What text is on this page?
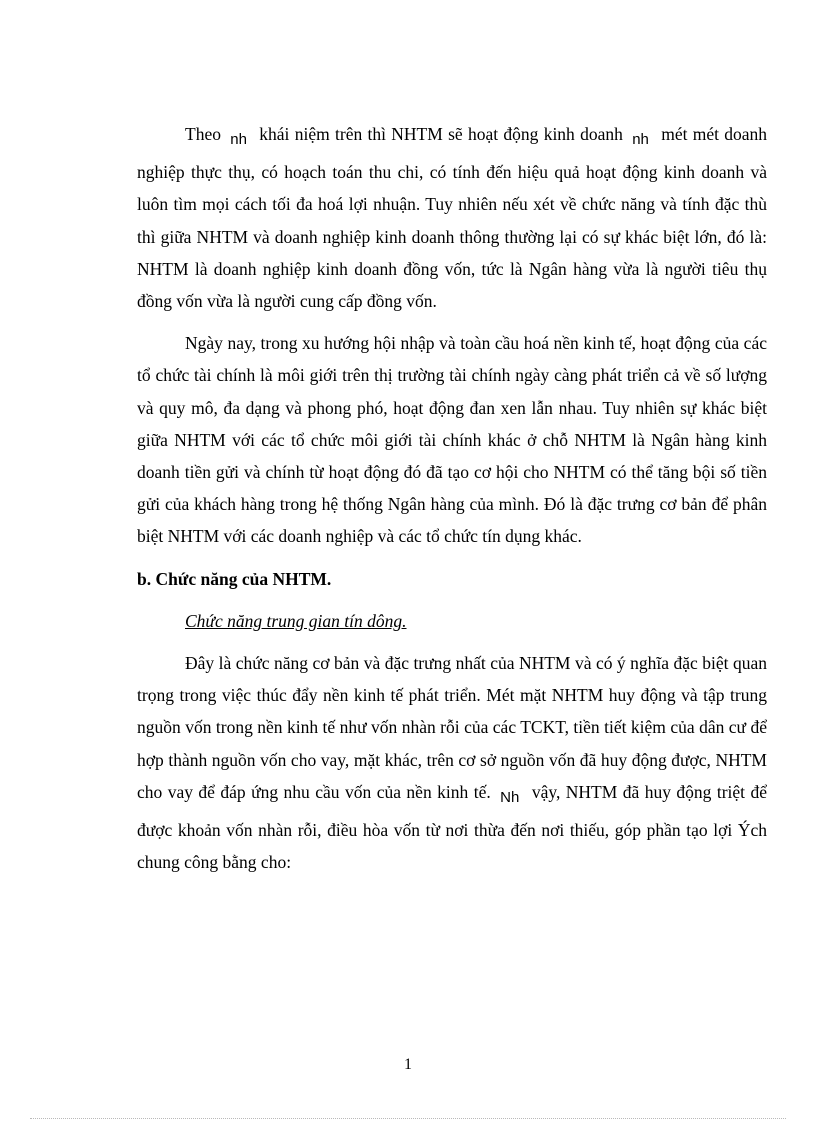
Theo nh khái niệm trên thì NHTM sẽ hoạt động kinh doanh nh mét mét doanh nghiệp thực thụ, có hoạch toán thu chi, có tính đến hiệu quả hoạt động kinh doanh và luôn tìm mọi cách tối đa hoá lợi nhuận. Tuy nhiên nếu xét về chức năng và tính đặc thù thì giữa NHTM và doanh nghiệp kinh doanh thông thường lại có sự khác biệt lớn, đó là: NHTM là doanh nghiệp kinh doanh đồng vốn, tức là Ngân hàng vừa là người tiêu thụ đồng vốn vừa là người cung cấp đồng vốn.

Ngày nay, trong xu hướng hội nhập và toàn cầu hoá nền kinh tế, hoạt động của các tổ chức tài chính là môi giới trên thị trường tài chính ngày càng phát triển cả về số lượng và quy mô, đa dạng và phong phó, hoạt động đan xen lẫn nhau. Tuy nhiên sự khác biệt giữa NHTM với các tổ chức môi giới tài chính khác ở chỗ NHTM là Ngân hàng kinh doanh tiền gửi và chính từ hoạt động đó đã tạo cơ hội cho NHTM có thể tăng bội số tiền gửi của khách hàng trong hệ thống Ngân hàng của mình. Đó là đặc trưng cơ bản để phân biệt NHTM với các doanh nghiệp và các tổ chức tín dụng khác.

b. Chức năng của NHTM.

Chức năng trung gian tín dông.

Đây là chức năng cơ bản và đặc trưng nhất của NHTM và có ý nghĩa đặc biệt quan trọng trong việc thúc đẩy nền kinh tế phát triển. Mét mặt NHTM huy động và tập trung nguồn vốn trong nền kinh tế như vốn nhàn rỗi của các TCKT, tiền tiết kiệm của dân cư để hợp thành nguồn vốn cho vay, mặt khác, trên cơ sở nguồn vốn đã huy động được, NHTM cho vay để đáp ứng nhu cầu vốn của nền kinh tế. Nh vậy, NHTM đã huy động triệt để được khoản vốn nhàn rỗi, điều hòa vốn từ nơi thừa đến nơi thiếu, góp phần tạo lợi Ých chung công bằng cho:

1
